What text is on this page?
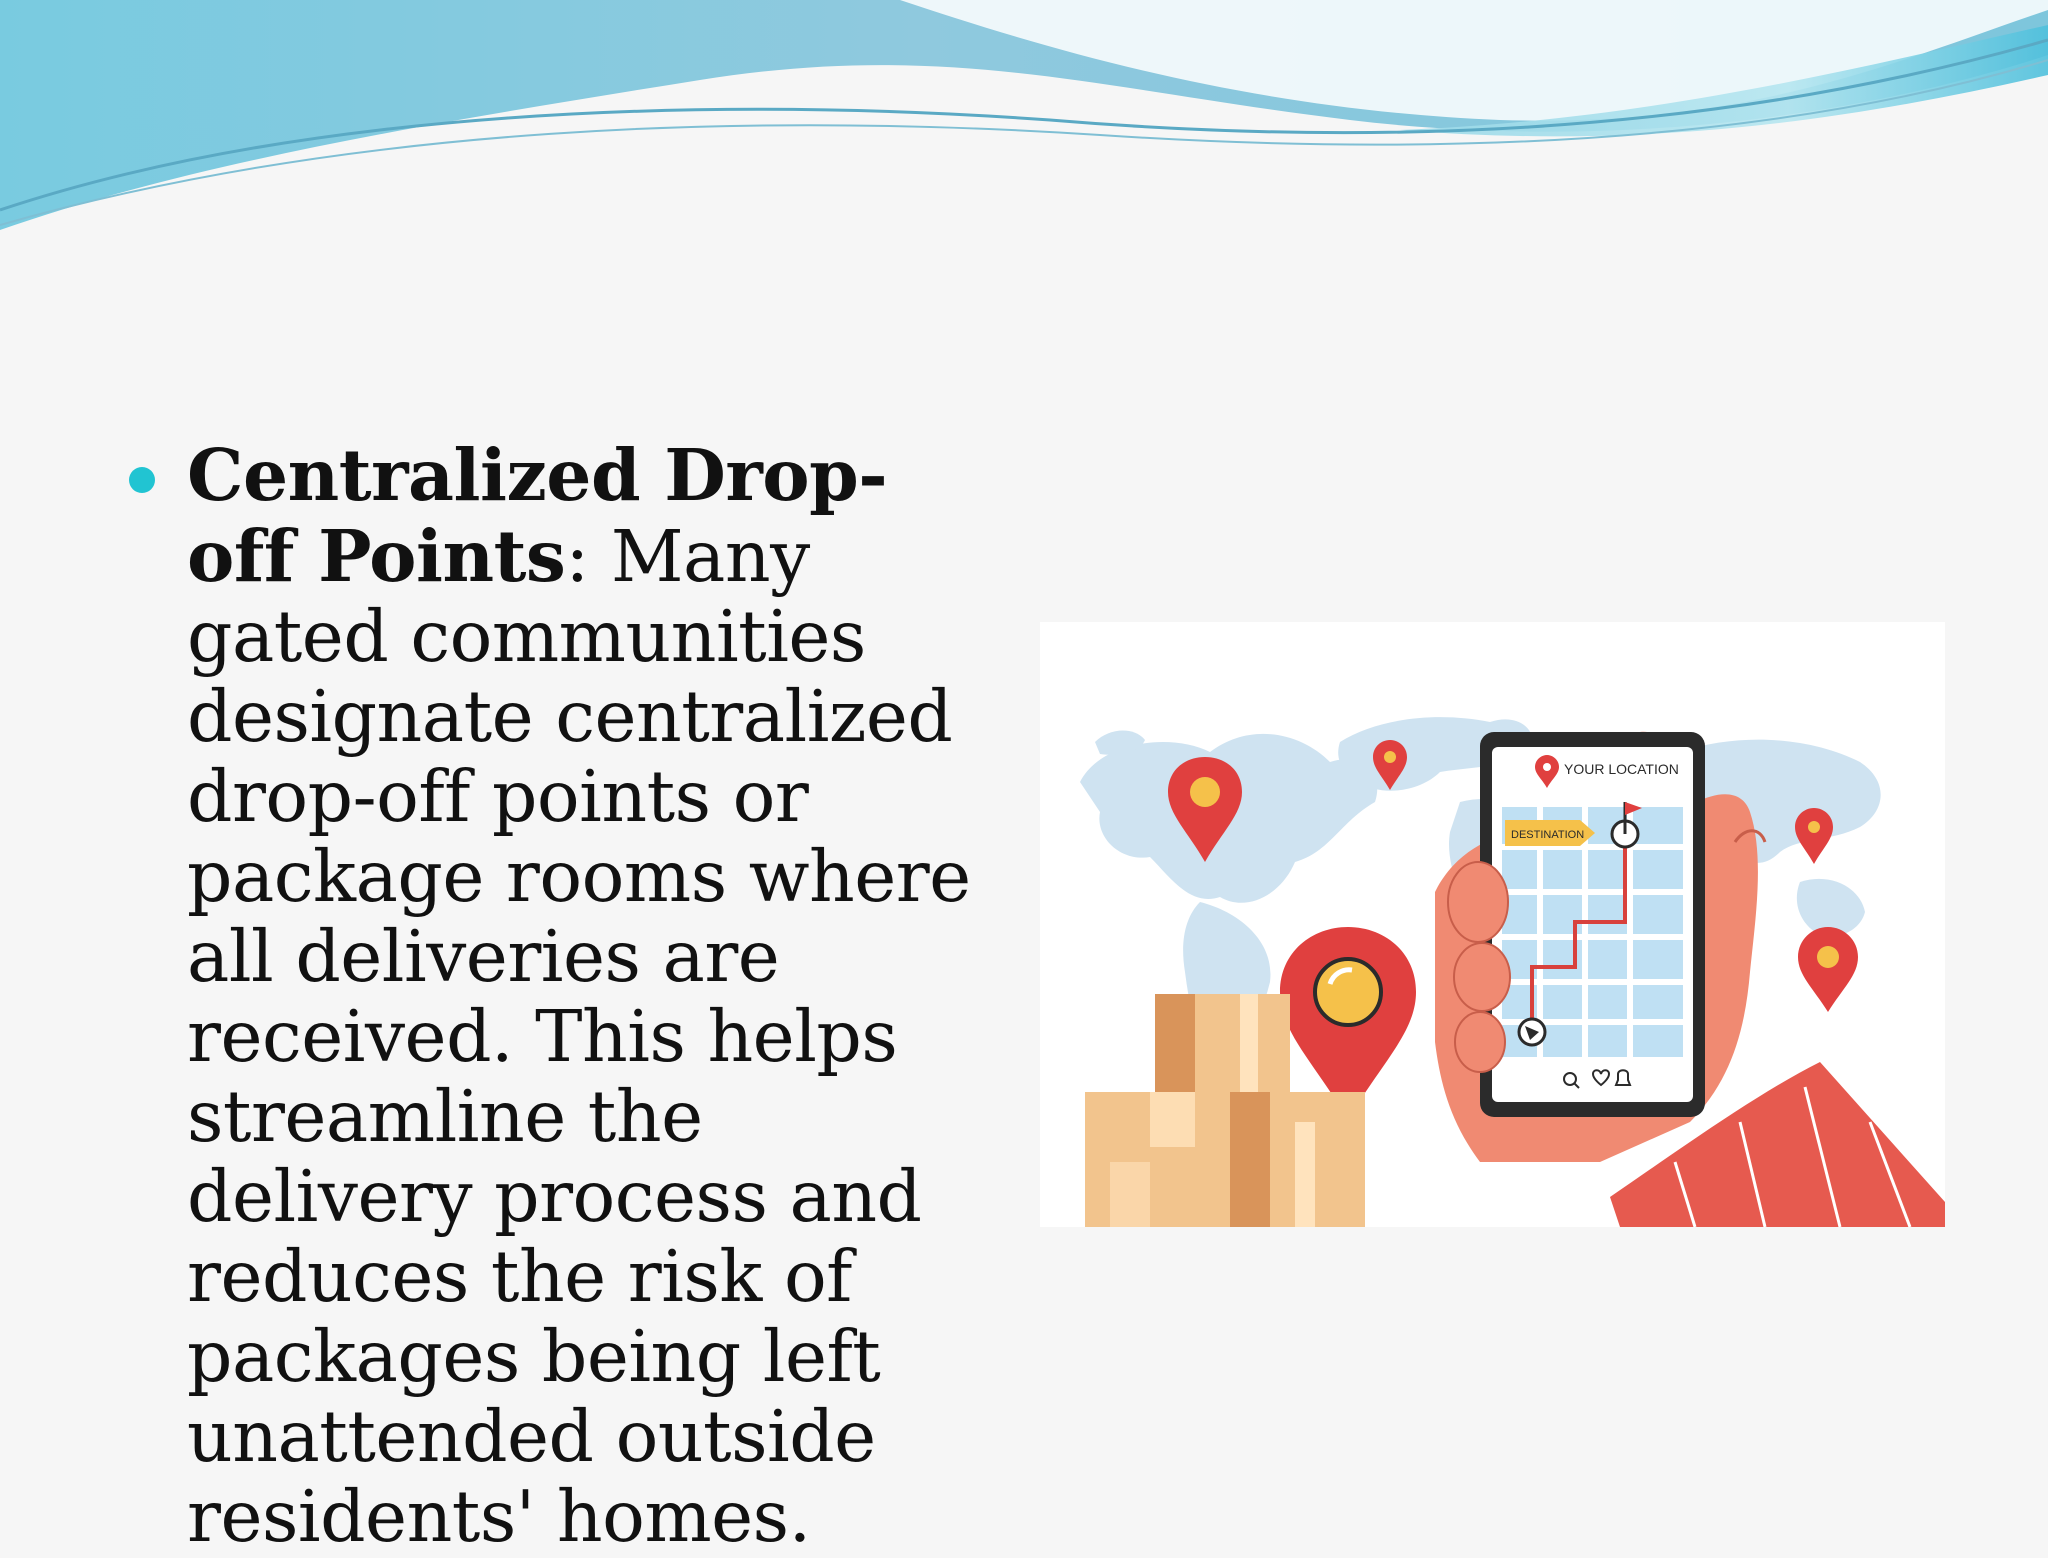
Centralized Drop-off Points: Many gated communities designate centralized drop-off points or package rooms where all deliveries are received. This helps streamline the delivery process and reduces the risk of packages being left unattended outside residents' homes.
YOUR LOCATION
DESTINATION
